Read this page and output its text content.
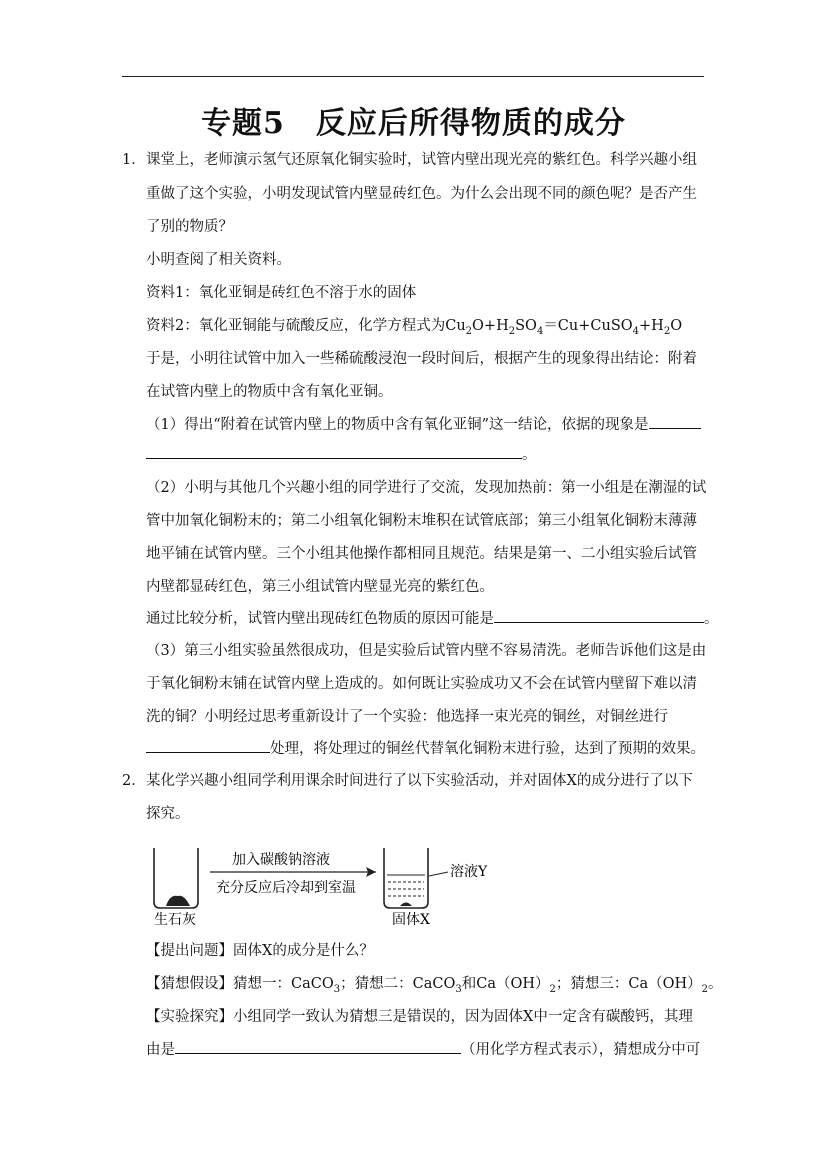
专题5　反应后所得物质的成分
1． 课堂上，老师演示氢气还原氧化铜实验时，试管内壁出现光亮的紫红色。科学兴趣小组
重做了这个实验，小明发现试管内壁显砖红色。为什么会出现不同的颜色呢？是否产生
了别的物质？
小明查阅了相关资料。
资料1：氧化亚铜是砖红色不溶于水的固体
资料2：氧化亚铜能与硫酸反应，化学方程式为$Cu_2O+H_2SO_4=Cu+CuSO_4+H_2O$
于是，小明往试管中加入一些稀硫酸浸泡一段时间后，根据产生的现象得出结论：附着
在试管内壁上的物质中含有氧化亚铜。
（1）得出“附着在试管内壁上的物质中含有氧化亚铜”这一结论，依据的现象是
。
（2）小明与其他几个兴趣小组的同学进行了交流，发现加热前：第一小组是在潮湿的试
管中加氧化铜粉末的；第二小组氧化铜粉末堆积在试管底部；第三小组氧化铜粉末薄薄
地平铺在试管内壁。三个小组其他操作都相同且规范。结果是第一、二小组实验后试管
内壁都显砖红色，第三小组试管内壁显光亮的紫红色。
通过比较分析，试管内壁出现砖红色物质的原因可能是	。
（3）第三小组实验虽然很成功，但是实验后试管内壁不容易清洗。老师告诉他们这是由
于氧化铜粉末铺在试管内壁上造成的。如何既让实验成功又不会在试管内壁留下难以清
洗的铜？小明经过思考重新设计了一个实验：他选择一束光亮的铜丝，对铜丝进行
处理，将处理过的铜丝代替氧化铜粉末进行验，达到了预期的效果。
2． 某化学兴趣小组同学利用课余时间进行了以下实验活动，并对固体X的成分进行了以下
探究。
生石灰
加入碳酸钠溶液
充分反应后冷却到室温
溶液Y
固体X
【提出问题】固体X的成分是什么？
【猜想假设】猜想一：CaCO$_3$；猜想二：CaCO$_3$和$Ca(OH)_2$；猜想三：$Ca(OH)_2$。
【实验探究】小组同学一致认为猜想三是错误的，因为固体X中一定含有碳酸钙，其理
由是	（用化学方程式表示），猜想成分中可
